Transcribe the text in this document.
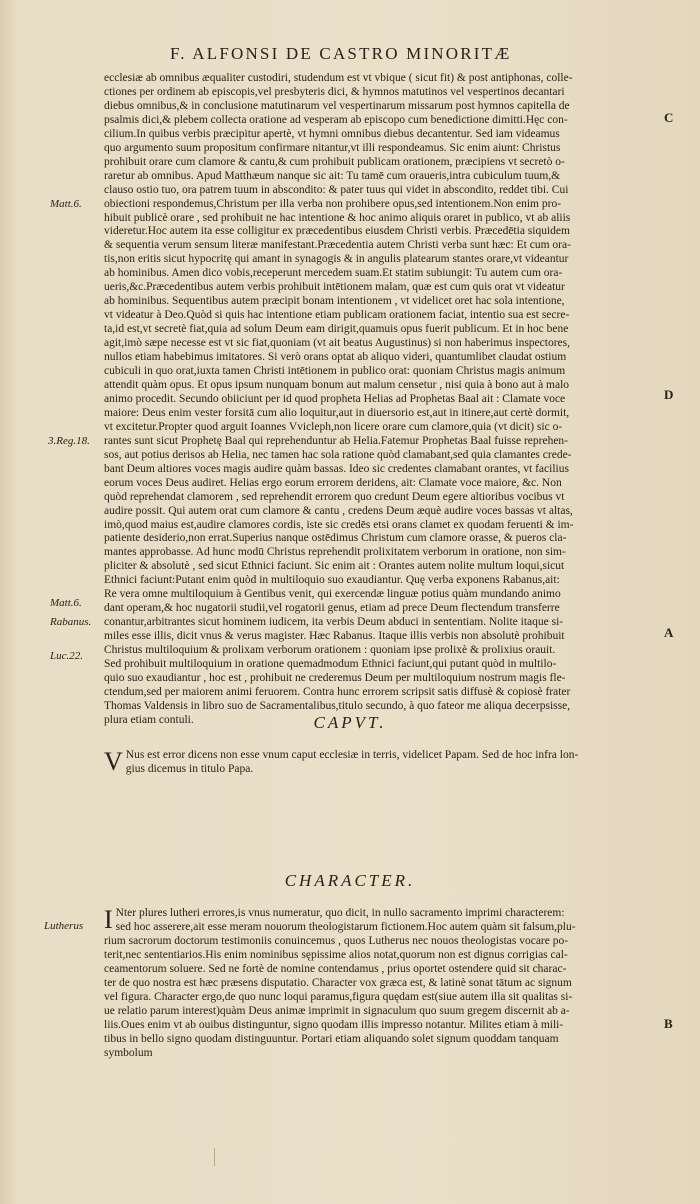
F. ALFONSI DE CASTRO MINORITÆ
ecclesiæ ab omnibus æqualiter custodiri, studendum est vt vbique ( sicut fit) & post antiphonas, colle-
ctiones per ordinem ab episcopis,vel presbyteris dici, & hymnos matutinos vel vespertinos decantari
diebus omnibus,& in conclusione matutinarum vel vespertinarum missarum post hymnos capitella de
psalmis dici,& plebem collecta oratione ad vesperam ab episcopo cum benedictione dimitti.Hęc con-
cilium.In quibus verbis præcipitur apertè, vt hymni omnibus diebus decantentur. Sed iam videamus
quo argumento suum propositum confirmare nitantur,vt illi respondeamus. Sic enim aiunt: Christus
prohibuit orare cum clamore & cantu,& cum prohibuit publicam orationem, præcipiens vt secretò o-
raretur ab omnibus. Apud Matthæum nanque sic ait: Tu tamē cum oraueris,intra cubiculum tuum,&
clauso ostio tuo, ora patrem tuum in abscondito: & pater tuus qui videt in abscondito, reddet tibi. Cui
obiectioni respondemus,Christum per illa verba non prohibere opus,sed intentionem.Non enim pro-
hibuit publicè orare , sed prohibuit ne hac intentione & hoc animo aliquis oraret in publico, vt ab aliis
videretur.Hoc autem ita esse colligitur ex præcedentibus eiusdem Christi verbis. Præcedētia siquidem
& sequentia verum sensum literæ manifestant.Præcedentia autem Christi verba sunt hæc: Et cum ora-
tis,non eritis sicut hypocritę qui amant in synagogis & in angulis platearum stantes orare,vt videantur
ab hominibus. Amen dico vobis,receperunt mercedem suam.Et statim subiungit: Tu autem cum ora-
ueris,&c.Præcedentibus autem verbis prohibuit intētionem malam, quæ est cum quis orat vt videatur
ab hominibus. Sequentibus autem præcipit bonam intentionem , vt videlicet oret hac sola intentione,
vt videatur à Deo.Quòd si quis hac intentione etiam publicam orationem faciat, intentio sua est secre-
ta,id est,vt secretè fiat,quia ad solum Deum eam dirigit,quamuis opus fuerit publicum. Et in hoc bene
agit,imò sæpe necesse est vt sic fiat,quoniam (vt ait beatus Augustinus) si non haberimus inspectores,
nullos etiam habebimus imitatores. Si verò orans optat ab aliquo videri, quantumlibet claudat ostium
cubiculi in quo orat,iuxta tamen Christi intētionem in publico orat: quoniam Christus magis animum
attendit quàm opus. Et opus ipsum nunquam bonum aut malum censetur , nisi quia à bono aut à malo
animo procedit. Secundo obiiciunt per id quod propheta Helias ad Prophetas Baal ait : Clamate voce
maiore: Deus enim vester forsitā cum alio loquitur,aut in diuersorio est,aut in itinere,aut certè dormit,
vt excitetur.Propter quod arguit Ioannes Vvicleph,non licere orare cum clamore,quia (vt dicit) sic o-
rantes sunt sicut Prophetę Baal qui reprehenduntur ab Helia.Fatemur Prophetas Baal fuisse reprehen-
sos, aut potius derisos ab Helia, nec tamen hac sola ratione quòd clamabant,sed quia clamantes crede-
bant Deum altiores voces magis audire quàm bassas. Ideo sic credentes clamabant orantes, vt facilius
eorum voces Deus audiret. Helias ergo eorum errorem deridens, ait: Clamate voce maiore, &c. Non
quòd reprehendat clamorem , sed reprehendit errorem quo credunt Deum egere altioribus vocibus vt
audire possit. Qui autem orat cum clamore & cantu , credens Deum æquè audire voces bassas vt altas,
imò,quod maius est,audire clamores cordis, iste sic credēs etsi orans clamet ex quodam feruenti & im-
patiente desiderio,non errat.Superius nanque ostēdimus Christum cum clamore orasse, & pueros cla-
mantes approbasse. Ad hunc modū Christus reprehendit prolixitatem verborum in oratione, non sim-
pliciter & absolutè , sed sicut Ethnici faciunt. Sic enim ait : Orantes autem nolite multum loqui,sicut
Ethnici faciunt:Putant enim quòd in multiloquio suo exaudiantur. Quę verba exponens Rabanus,ait:
Re vera omne multiloquium à Gentibus venit, qui exercendæ linguæ potius quàm mundando animo
dant operam,& hoc nugatorii studii,vel rogatorii genus, etiam ad prece Deum flectendum transferre
conantur,arbitrantes sicut hominem iudicem, ita verbis Deum abduci in sententiam. Nolite itaque si-
miles esse illis, dicit vnus & verus magister. Hæc Rabanus. Itaque illis verbis non absolutè prohibuit
Christus multiloquium & prolixam verborum orationem : quoniam ipse prolixè & prolixius orauit.
Sed prohibuit multiloquium in oratione quemadmodum Ethnici faciunt,qui putant quòd in multilo-
quio suo exaudiantur , hoc est , prohibuit ne crederemus Deum per multiloquium nostrum magis fle-
ctendum,sed per maiorem animi feruorem. Contra hunc errorem scripsit satis diffusè & copiosè frater
Thomas Valdensis in libro suo de Sacramentalibus,titulo secundo, à quo fateor me aliqua decerpsisse,
plura etiam contuli.	CAPVT.
V Nus est error dicens non esse vnum caput ecclesiæ in terris, videlicet Papam. Sed de hoc infra lon-
gius dicemus in titulo Papa.
CHARACTER.
I Nter plures lutheri errores,is vnus numeratur, quo dicit, in nullo sacramento imprimi characterem:
sed hoc asserere,ait esse meram nouorum theologistarum fictionem.Hoc autem quàm sit falsum,plu-
rium sacrorum doctorum testimoniis conuincemus , quos Lutherus nec nouos theologistas vocare po-
terit,nec sententiarios.His enim nominibus sępissime alios notat,quorum non est dignus corrigias cal-
ceamentorum soluere. Sed ne fortè de nomine contendamus , prius oportet ostendere quid sit charac-
ter de quo nostra est hæc præsens disputatio. Character vox græca est, & latinè sonat tātum ac signum
vel figura. Character ergo,de quo nunc loqui paramus,figura quędam est(siue autem illa sit qualitas si-
ue relatio parum interest)quàm Deus animæ imprimit in signaculum quo suum gregem discernit ab a-
liis.Oues enim vt ab ouibus distinguntur, signo quodam illis impresso notantur. Milites etiam à mili-
tibus in bello signo quodam distinguuntur. Portari etiam aliquando solet signum quoddam tanquam
symbolum
Matt.6.
3.Reg.18.
Matt.6.
Rabanus.
Luc.22.
Lutherus
C
D
A
B
